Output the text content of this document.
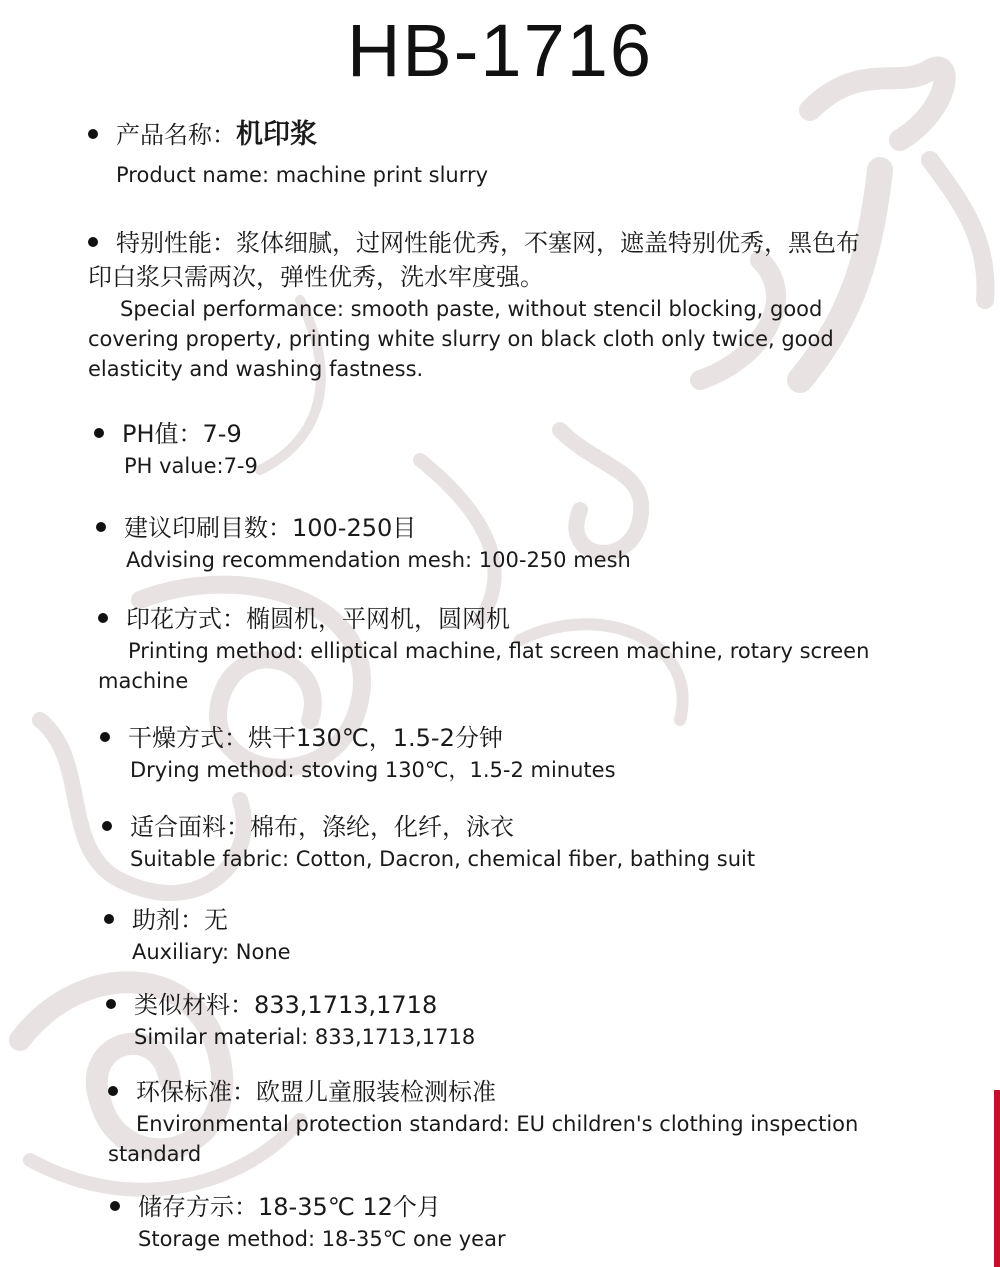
HB-1716
产品名称：机印浆
Product name: machine print slurry
特别性能：浆体细腻，过网性能优秀，不塞网，遮盖特别优秀，黑色布
印白浆只需两次，弹性优秀，洗水牢度强。
Special performance: smooth paste, without stencil blocking, good
covering property, printing white slurry on black cloth only twice, good
elasticity and washing fastness.
PH值：7-9
PH value:7-9
建议印刷目数：100-250目
Advising recommendation mesh: 100-250 mesh
印花方式：椭圆机，平网机，圆网机
Printing method: elliptical machine, flat screen machine, rotary screen
machine
干燥方式：烘干130℃，1.5-2分钟
Drying method: stoving 130℃，1.5-2 minutes
适合面料：棉布，涤纶，化纤，泳衣
Suitable fabric: Cotton, Dacron, chemical fiber, bathing suit
助剂：无
Auxiliary: None
类似材料：833,1713,1718
Similar material: 833,1713,1718
环保标准：欧盟儿童服装检测标准
Environmental protection standard: EU children's clothing inspection
standard
储存方示：18-35℃ 12个月
Storage method: 18-35℃ one year
